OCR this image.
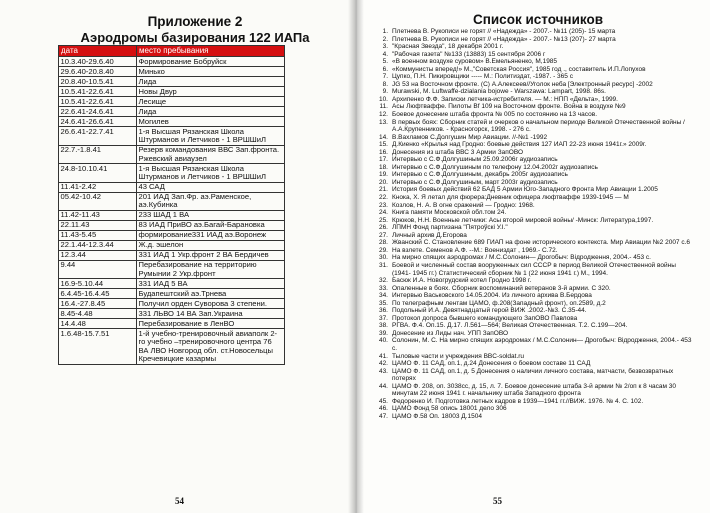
Приложение 2
Аэродромы базирования 122 ИАПа
дата	место пребывания
10.3.40-29.6.40	Формирование Бобруйск
29.6.40-20.8.40	Минько
20.8.40-10.5.41	Лида
10.5.41-22.6.41	Новы Двур
10.5.41-22.6.41	Лесище
22.6.41-24.6.41	Лида
24.6.41-26.6.41	Могилев
26.6.41-22.7.41	1-я Высшая Рязанская Школа Штурманов и Летчиков - 1 ВРШШиЛ
22.7.-1.8.41	Резерв командования ВВС Зап.фронта. Ржевский авиаузел
24.8-10.10.41	1-я Высшая Рязанская Школа Штурманов и Летчиков - 1 ВРШШиЛ
11.41-2.42	43 САД
05.42-10.42	201 ИАД Зап.Фр. аэ.Раменское, аэ.Кубинка
11.42-11.43	233 ШАД 1 ВА
22.11.43	83 ИАД ПриВО аэ.Багай-Барановка
11.43-5.45	формирование331 ИАД аэ.Воронеж
22.1.44-12.3.44	Ж.д. эшелон
12.3.44	331 ИАД 1 Укр.фронт 2 ВА Бердичев
9.44	Перебазирование на территорию Румынии 2 Укр.фронт
16.9-5.10.44	331 ИАД 5 ВА
6.4.45-16.4.45	Будапештский аэ.Трнева
16.4.-27.8.45	Получил орден Суворова 3 степени.
8.45-4.48	331 ЛЬВО 14 ВА Зап.Украина
14.4.48	Перебазирование в ЛенВО
1.6.48-15.7.51	1-й учебно-тренировочный авиаполк 2-го учебно –тренировочного центра 76 ВА ЛВО Новгород обл. ст.Новосельцы Кречевицкие казармы
54
Список источников
1. Плетнева В. Рукописи не горят // «Надежда» - 2007.- №11 (205)- 15 марта
2. Плетнева В. Рукописи не горят // «Надежда» - 2007.- №13 (207)- 27 марта
3. "Красная Звезда", 18 декабря 2001 г.
4. "Рабочая газета" №133 (13883) 15 сентября 2006 г
5. «В военном воздухе суровом» В.Емельяненко, М,1985
6. «Коммунисты вперед!» М.,"Советская Россия", 1985 год ., составитель И.П.Лопухов
7. Цупко, П.Н. Пикировщики ----- М.: Политиздат, -1987. - 365 с
8. JG 53 на Восточном фронте. (С) А.Алексеев//Уголок неба [Электронный ресурс] -2002
9. Murawski, M. Luftwaffe-dzialania bojowe - Warszawa: Lampart, 1998. 86s.
10. Архипенко Ф.Ф. Записки летчика-истребителя. — М.: НПП «Дельта», 1999.
11. Асы Люфтваффе. Пилоты Bf 109 на Восточном фронте. Война в воздухе №9
12. Боевое донесение штаба фронта № 005 по состоянию на 13 часов.
13. В первых боях: Сборник статей и очерков о начальном периоде Великой Отечественной войны / А.А.Крупенников. - Красногорск, 1998. - 276 с.
14. В.Вахламов С.Долгушин Мир Авиации. //-№1 -1992
15. Д.Киенко «Крылья над Гродно: боевые действия 127 ИАП 22-23 июня 1941г.» 2009г.
16. Донесения из штаба ВВС 3 Армии ЗапОВО
17. Интервью с С.Ф.Долгушиным 25.09.2006г аудиозапись
18. Интервью с С.Ф.Долгушиным по телефону 12.04.2002г аудиозапись
19. Интервью с С.Ф.Долгушиным, декабрь 2005г аудиозапись
20. Интервью с С.Ф.Долгушиным, март 2003г аудиозапись
21. История боевых действий 62 БАД 5 Армии Юго-Западного Фронта Мир Авиации 1.2005
22. Кнока, Х. Я летал для фюрера:Дневник офицера люфтваффе 1939-1945 — М
23. Козлов, Н. А. В огне сражений — Гродно: 1968.
24. Книга памяти Московской обл.том 24.
25. Крюков, Н.Н. Военные летчики: Асы второй мировой войны/ -Минск: Литература,1997.
26. ЛПМН Фонд партизана "Пятроўскі У.І."
27. Личный архив Д.Егорова
28. Жванский С. Становление 689 ГИАП на фоне исторического контекста. Мир Авиации №2 2007 с.6
29. На взлете. Семенов А.Ф. --М.: Воениздат , 1969.- С.72.
30. На мирно спящих аэродромах / М.С.Солонин— Дрогобыч: Відродження, 2004.- 453 с.
31. Боевой и численный состав вооруженных сил СССР в период Великой Отечественной войны (1941- 1945 гг.) Статистический сборник № 1 (22 июня 1941 г.) М., 1994.
32. Басюк И.А. Новогрудский котел Гродно 1998 г.
33. Опаленные в боях. Сборник воспоминаний ветеранов 3-й армии. С 320.
34. Интервью Васьковского 14.05.2004. Из личного архива В.Бердова
35. По телеграфным лентам ЦАМО, ф.208(Западный фронт), оп.2589, д.2
36. Подольный И.А. Девятнадцатый герой ВИЖ .2002.-№3. С.35-44.
37. Протокол допроса бывшего командующего ЗапОВО Павлова
38. РГВА. Ф.4. Оп.15. Д.17. Л.561—564; Великая Отечественная. Т.2. С.199—204.
39. Донесение из Лиды нач. УПП ЗапОВО
40. Солонин, М. С. На мирно спящих аэродромах / М.С.Солонин— Дрогобыч: Відродження, 2004.- 453 с.
41. Тыловые части и учреждения BBC-soldat.ru
42. ЦАМО Ф. 11 САД, оп.1, д.24 Донесения о боевом составе 11 САД
43. ЦАМО Ф. 11 САД, оп.1, д. 5 Донесения о наличии личного состава, матчасти, безвозвратных потерях
44. ЦАМО Ф. 208, оп. 3038сс, д. 15, л. 7. Боевое донесение штаба 3-й армии № 2/оп к 8 часам 30 минутам 22 июня 1941 г. начальнику штаба Западного фронта
45. Федоренко И. Подготовка летных кадров в 1939—1941 гг.//ВИЖ. 1976. № 4. С. 102.
46. ЦАМО Фонд 58 опись 18001 дело 306
47. ЦАМО Ф.58 Оп. 18003 Д.1504
55
